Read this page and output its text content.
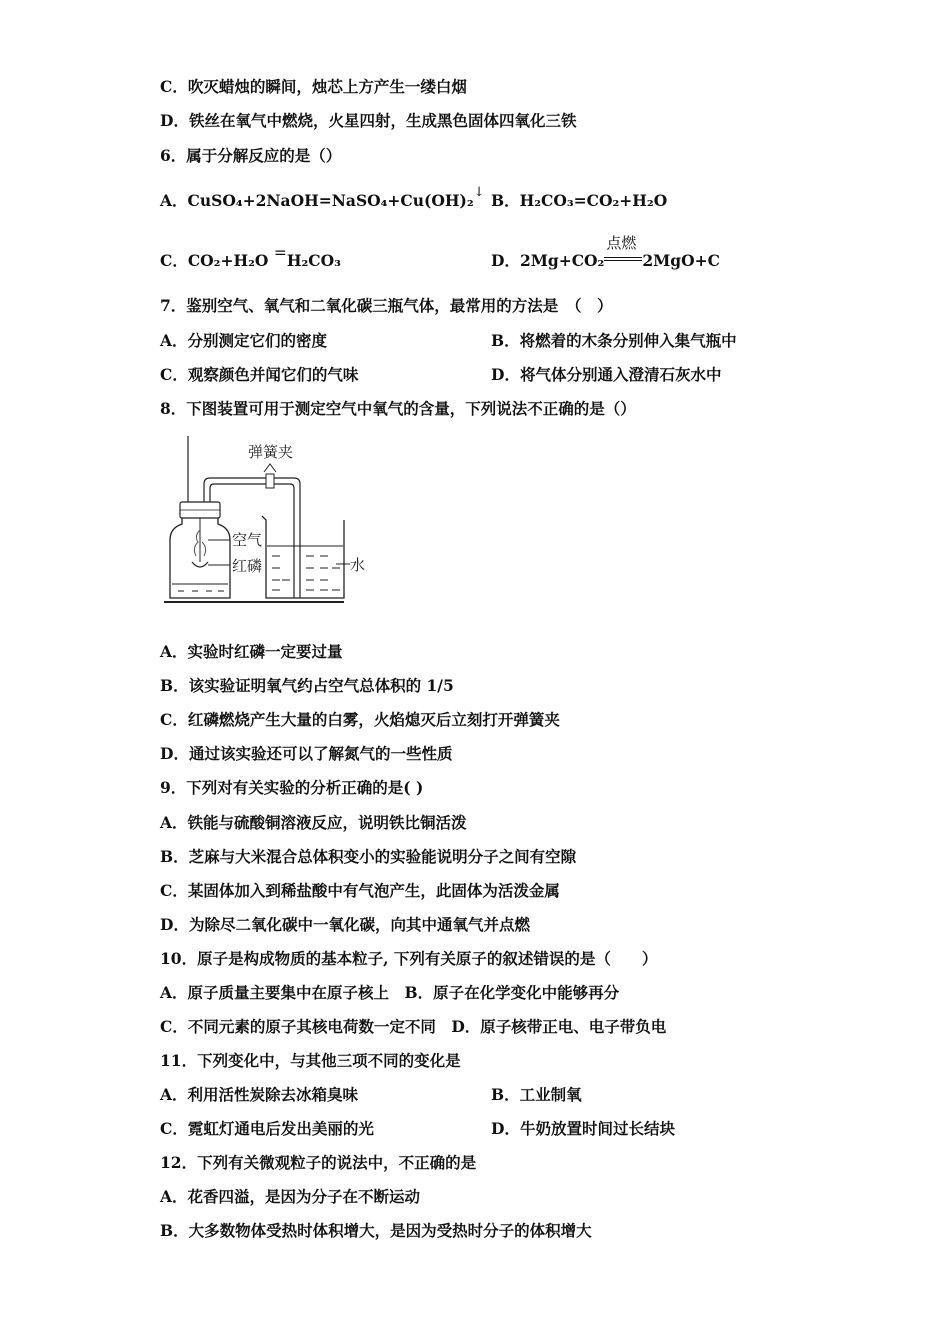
C．吹灭蜡烛的瞬间，烛芯上方产生一缕白烟
D．铁丝在氧气中燃烧，火星四射，生成黑色固体四氧化三铁
6．属于分解反应的是（）
A．CuSO₄+2NaOH=NaSO₄+Cu(OH)₂↓ B．H₂CO₃=CO₂+H₂O
C．CO₂+H₂O =H₂CO₃	D．2Mg+CO₂
点燃
2MgO+C
7．鉴别空气、氧气和二氧化碳三瓶气体，最常用的方法是　（　）
A．分别测定它们的密度	B．将燃着的木条分别伸入集气瓶中
C．观察颜色并闻它们的气味	D．将气体分别通入澄清石灰水中
8．下图装置可用于测定空气中氧气的含量，下列说法不正确的是（）
空气
红磷
弹簧夹
水
A．实验时红磷一定要过量
B．该实验证明氧气约占空气总体积的 1/5
C．红磷燃烧产生大量的白雾，火焰熄灭后立刻打开弹簧夹
D．通过该实验还可以了解氮气的一些性质
9．下列对有关实验的分析正确的是( )
A．铁能与硫酸铜溶液反应，说明铁比铜活泼
B．芝麻与大米混合总体积变小的实验能说明分子之间有空隙
C．某固体加入到稀盐酸中有气泡产生，此固体为活泼金属
D．为除尽二氧化碳中一氧化碳，向其中通氧气并点燃
10．原子是构成物质的基本粒子, 下列有关原子的叙述错误的是（　　）
A．原子质量主要集中在原子核上　B．原子在化学变化中能够再分
C．不同元素的原子其核电荷数一定不同　D．原子核带正电、电子带负电
11．下列变化中，与其他三项不同的变化是
A．利用活性炭除去冰箱臭味	B．工业制氧
C．霓虹灯通电后发出美丽的光	D．牛奶放置时间过长结块
12．下列有关微观粒子的说法中，不正确的是
A．花香四溢，是因为分子在不断运动
B．大多数物体受热时体积增大，是因为受热时分子的体积增大
